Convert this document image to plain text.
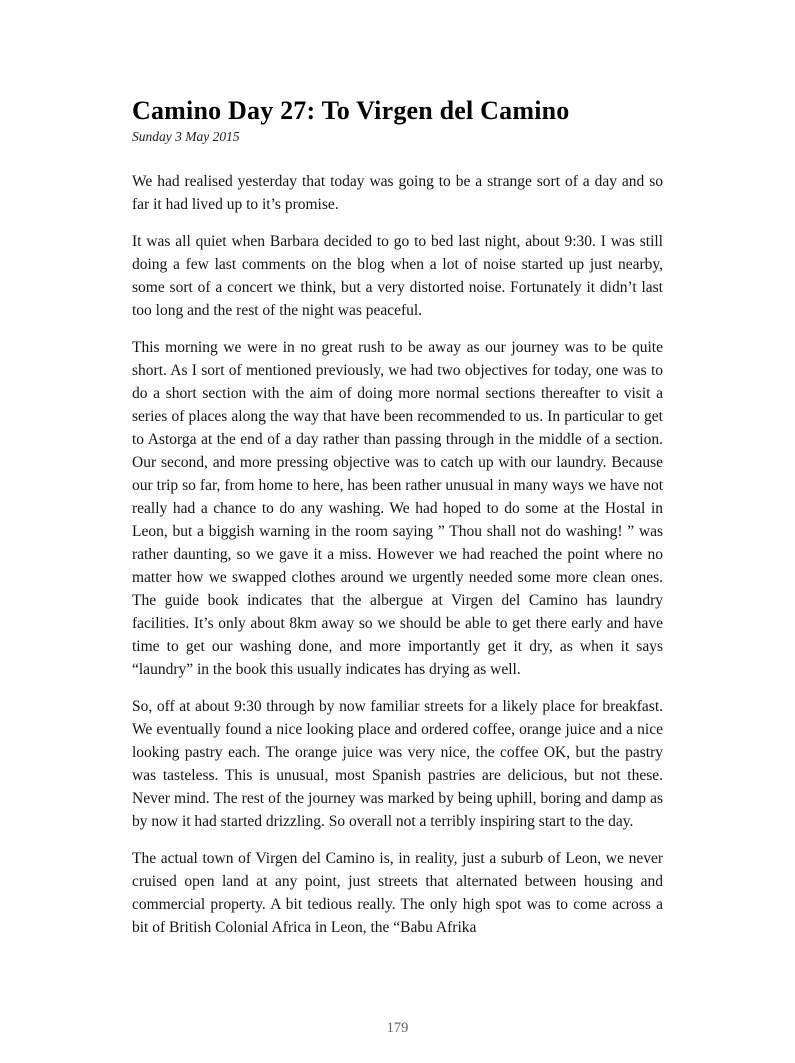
Camino Day 27: To Virgen del Camino
Sunday 3 May 2015

We had realised yesterday that today was going to be a strange sort of a day and so far it had lived up to it’s promise.

It was all quiet when Barbara decided to go to bed last night, about 9:30. I was still doing a few last comments on the blog when a lot of noise started up just nearby, some sort of a concert we think, but a very distorted noise. Fortunately it didn’t last too long and the rest of the night was peaceful.

This morning we were in no great rush to be away as our journey was to be quite short. As I sort of mentioned previously, we had two objectives for today, one was to do a short section with the aim of doing more normal sections thereafter to visit a series of places along the way that have been recommended to us. In particular to get to Astorga at the end of a day rather than passing through in the middle of a section. Our second, and more pressing objective was to catch up with our laundry. Because our trip so far, from home to here, has been rather unusual in many ways we have not really had a chance to do any washing. We had hoped to do some at the Hostal in Leon, but a biggish warning in the room saying ” Thou shall not do washing! ” was rather daunting, so we gave it a miss. However we had reached the point where no matter how we swapped clothes around we urgently needed some more clean ones. The guide book indicates that the albergue at Virgen del Camino has laundry facilities. It’s only about 8km away so we should be able to get there early and have time to get our washing done, and more importantly get it dry, as when it says “laundry” in the book this usually indicates has drying as well.

So, off at about 9:30 through by now familiar streets for a likely place for breakfast. We eventually found a nice looking place and ordered coffee, orange juice and a nice looking pastry each. The orange juice was very nice, the coffee OK, but the pastry was tasteless. This is unusual, most Spanish pastries are delicious, but not these. Never mind. The rest of the journey was marked by being uphill, boring and damp as by now it had started drizzling. So overall not a terribly inspiring start to the day.

The actual town of Virgen del Camino is, in reality, just a suburb of Leon, we never cruised open land at any point, just streets that alternated between housing and commercial property. A bit tedious really. The only high spot was to come across a bit of British Colonial Africa in Leon, the “Babu Afrika

179
